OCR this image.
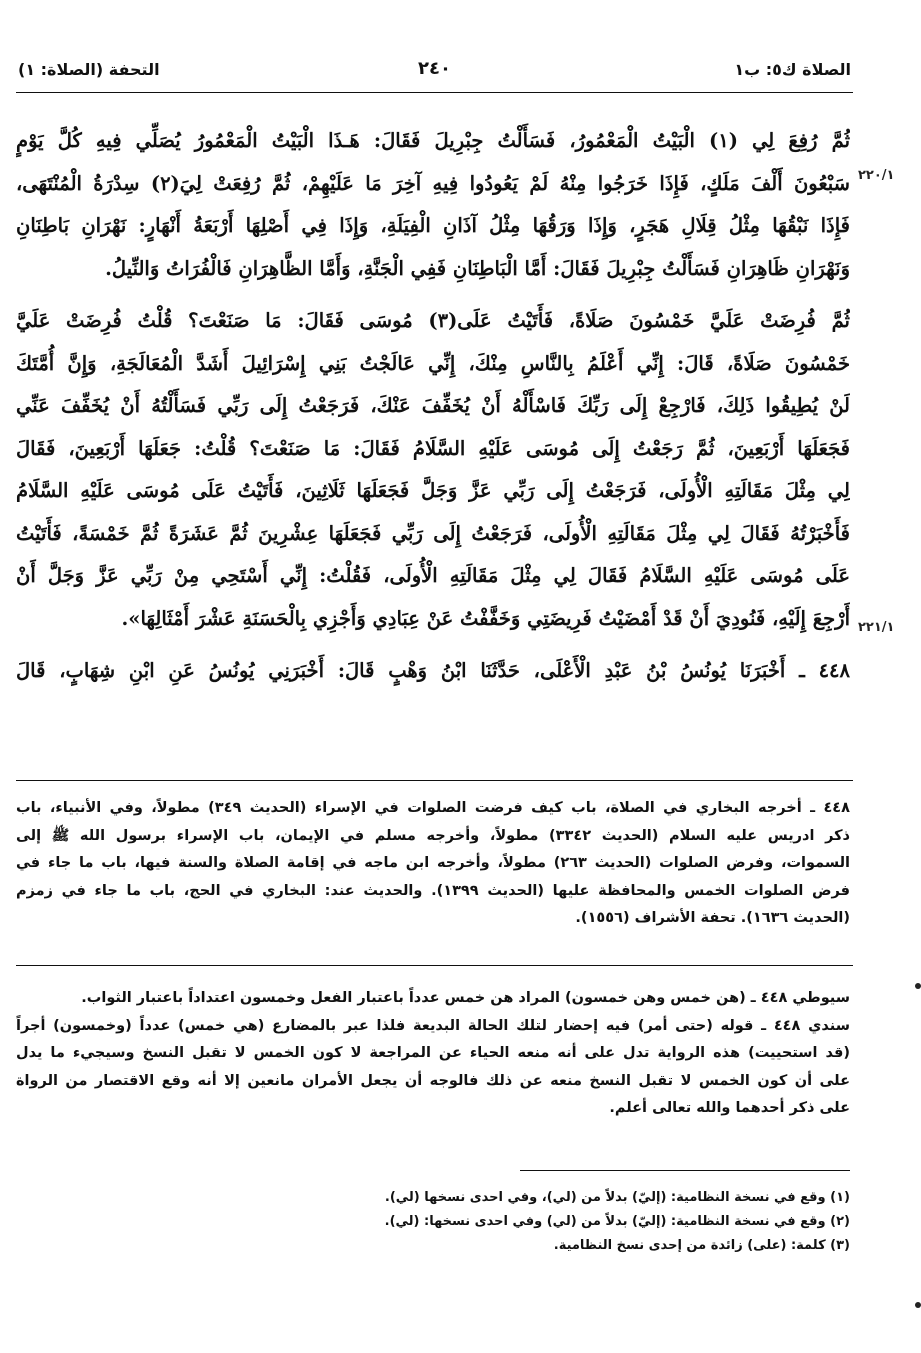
الصلاة ك٥: ب١
٢٤٠
التحفة (الصلاة: ١)
٢٢٠/١
٢٢١/١
ثُمَّ رُفِعَ لِي (١) الْبَيْتُ الْمَعْمُورُ، فَسَأَلْتُ جِبْرِيلَ فَقَالَ: هَـذَا الْبَيْتُ الْمَعْمُورُ يُصَلِّي فِيهِ كُلَّ يَوْمٍ
سَبْعُونَ أَلْفَ مَلَكٍ، فَإِذَا خَرَجُوا مِنْهُ لَمْ يَعُودُوا فِيهِ آخِرَ مَا عَلَيْهِمْ، ثُمَّ رُفِعَتْ لِيَ(٢) سِدْرَةُ الْمُنْتَهَى،
فَإِذَا نَبْقُهَا مِثْلُ قِلَالِ هَجَرٍ، وَإِذَا وَرَقُهَا مِثْلُ آذَانِ الْفِيَلَةِ، وَإِذَا فِي أَصْلِهَا أَرْبَعَةُ أَنْهَارٍ: نَهْرَانِ بَاطِنَانِ
وَنَهْرَانِ ظَاهِرَانِ فَسَأَلْتُ جِبْرِيلَ فَقَالَ: أَمَّا الْبَاطِنَانِ فَفِي الْجَنَّةِ، وَأَمَّا الظَّاهِرَانِ فَالْفُرَاتُ وَالنِّيلُ.
ثُمَّ فُرِضَتْ عَلَيَّ خَمْسُونَ صَلَاةً، فَأَتَيْتُ عَلَى(٣) مُوسَى فَقَالَ: مَا صَنَعْتَ؟ قُلْتُ فُرِضَتْ عَلَيَّ
خَمْسُونَ صَلَاةً، قَالَ: إِنِّي أَعْلَمُ بِالنَّاسِ مِنْكَ، إِنِّي عَالَجْتُ بَنِي إِسْرَائِيلَ أَشَدَّ الْمُعَالَجَةِ، وَإِنَّ أُمَّتَكَ
لَنْ يُطِيقُوا ذَلِكَ، فَارْجِعْ إِلَى رَبِّكَ فَاسْأَلْهُ أَنْ يُخَفِّفَ عَنْكَ، فَرَجَعْتُ إِلَى رَبِّي فَسَأَلْتُهُ أَنْ يُخَفِّفَ عَنِّي
فَجَعَلَهَا أَرْبَعِينَ، ثُمَّ رَجَعْتُ إِلَى مُوسَى عَلَيْهِ السَّلَامُ فَقَالَ: مَا صَنَعْتَ؟ قُلْتُ: جَعَلَهَا أَرْبَعِينَ، فَقَالَ
لِي مِثْلَ مَقَالَتِهِ الْأُولَى، فَرَجَعْتُ إِلَى رَبِّي عَزَّ وَجَلَّ فَجَعَلَهَا ثَلَاثِينَ، فَأَتَيْتُ عَلَى مُوسَى عَلَيْهِ السَّلَامُ
فَأَخْبَرْتُهُ فَقَالَ لِي مِثْلَ مَقَالَتِهِ الْأُولَى، فَرَجَعْتُ إِلَى رَبِّي فَجَعَلَهَا عِشْرِينَ ثُمَّ عَشَرَةً ثُمَّ خَمْسَةً، فَأَتَيْتُ
عَلَى مُوسَى عَلَيْهِ السَّلَامُ فَقَالَ لِي مِثْلَ مَقَالَتِهِ الْأُولَى، فَقُلْتُ: إِنِّي أَسْتَحِي مِنْ رَبِّي عَزَّ وَجَلَّ أَنْ
أَرْجِعَ إِلَيْهِ، فَنُودِيَ أَنْ قَدْ أَمْضَيْتُ فَرِيضَتِي وَخَفَّفْتُ عَنْ عِبَادِي وَأَجْزِي بِالْحَسَنَةِ عَشْرَ أَمْثَالِهَا».
٤٤٨ ـ أَخْبَرَنَا يُونُسُ بْنُ عَبْدِ الْأَعْلَى، حَدَّثَنَا ابْنُ وَهْبٍ قَالَ: أَخْبَرَنِي يُونُسُ عَنِ ابْنِ شِهَابٍ، قَالَ
٤٤٨ ـ أخرجه البخاري في الصلاة، باب كيف فرضت الصلوات في الإسراء (الحديث ٣٤٩) مطولاً، وفي الأنبياء، باب
ذكر ادريس عليه السلام (الحديث ٣٣٤٢) مطولاً، وأخرجه مسلم في الإيمان، باب الإسراء برسول الله ﷺ إلى
السموات، وفرض الصلوات (الحديث ٢٦٣) مطولاً، وأخرجه ابن ماجه في إقامة الصلاة والسنة فيها، باب ما جاء في
فرض الصلوات الخمس والمحافظة عليها (الحديث ١٣٩٩). والحديث عند: البخاري في الحج، باب ما جاء في زمزم
(الحديث ١٦٣٦). تحفة الأشراف (١٥٥٦).
سيوطي ٤٤٨ ـ (هن خمس وهن خمسون) المراد هن خمس عدداً باعتبار الفعل وخمسون اعتداداً باعتبار الثواب.
سندي ٤٤٨ ـ قوله (حتى أمر) فيه إحضار لتلك الحالة البديعة فلذا عبر بالمضارع (هي خمس) عدداً (وخمسون) أجراً
(قد استحييت) هذه الرواية تدل على أنه منعه الحياء عن المراجعة لا كون الخمس لا تقبل النسخ وسيجيء ما يدل
على أن كون الخمس لا تقبل النسخ منعه عن ذلك فالوجه أن يجعل الأمران مانعين إلا أنه وقع الاقتصار من الرواة
على ذكر أحدهما والله تعالى أعلم.
(١) وقع في نسخة النظامية: (إليّ) بدلاً من (لي)، وفي احدى نسخها (لي).
(٢) وقع في نسخة النظامية: (إليّ) بدلاً من (لي) وفي احدى نسخها: (لي).
(٣) كلمة: (على) زائدة من إحدى نسخ النظامية.
